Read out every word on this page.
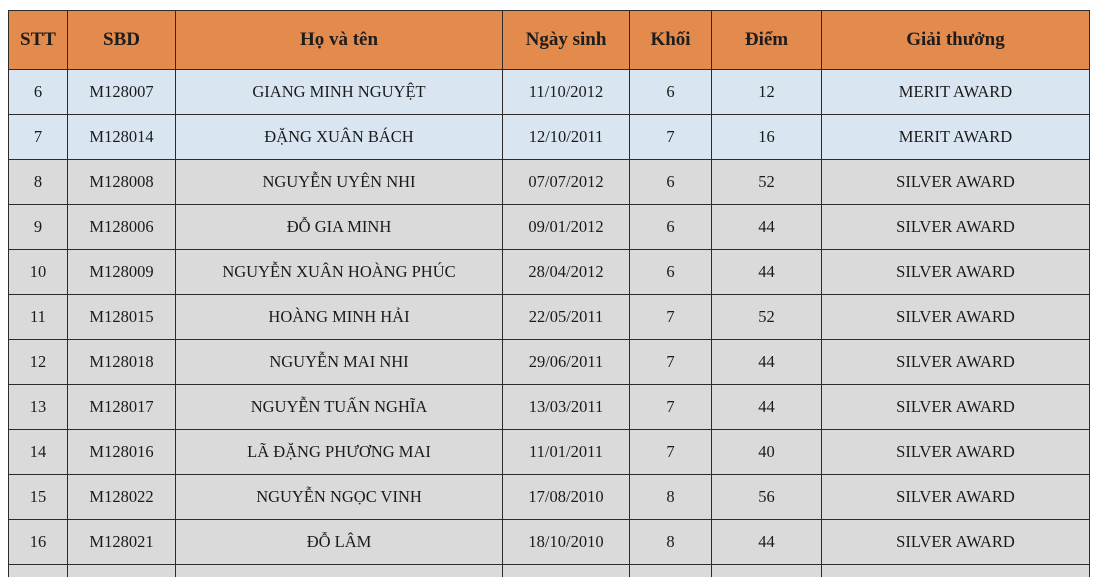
STT	SBD	Họ và tên	Ngày sinh	Khối	Điểm	Giải thưởng
6	M128007	GIANG MINH NGUYỆT	11/10/2012	6	12	MERIT AWARD
7	M128014	ĐẶNG XUÂN BÁCH	12/10/2011	7	16	MERIT AWARD
8	M128008	NGUYỄN UYÊN NHI	07/07/2012	6	52	SILVER AWARD
9	M128006	ĐỖ GIA MINH	09/01/2012	6	44	SILVER AWARD
10	M128009	NGUYỄN XUÂN HOÀNG PHÚC	28/04/2012	6	44	SILVER AWARD
11	M128015	HOÀNG MINH HẢI	22/05/2011	7	52	SILVER AWARD
12	M128018	NGUYỄN MAI NHI	29/06/2011	7	44	SILVER AWARD
13	M128017	NGUYỄN TUẤN NGHĨA	13/03/2011	7	44	SILVER AWARD
14	M128016	LÃ ĐẶNG PHƯƠNG MAI	11/01/2011	7	40	SILVER AWARD
15	M128022	NGUYỄN NGỌC VINH	17/08/2010	8	56	SILVER AWARD
16	M128021	ĐỖ LÂM	18/10/2010	8	44	SILVER AWARD
